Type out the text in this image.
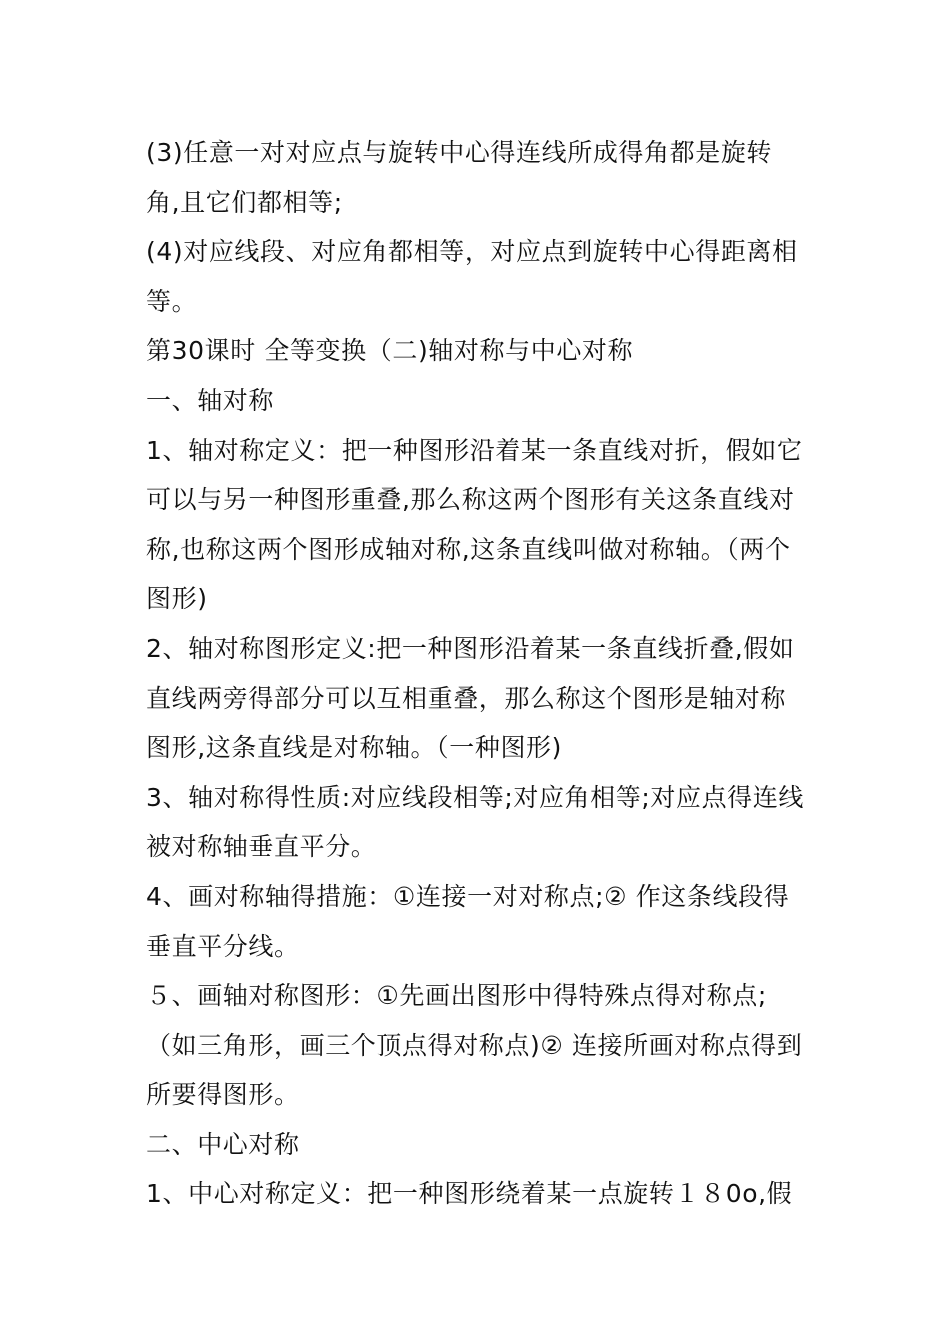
(3)任意一对对应点与旋转中心得连线所成得角都是旋转角,且它们都相等;

(4)对应线段、对应角都相等，对应点到旋转中心得距离相等。

第30课时 全等变换（二)轴对称与中心对称

一、轴对称

1、轴对称定义：把一种图形沿着某一条直线对折，假如它可以与另一种图形重叠,那么称这两个图形有关这条直线对称,也称这两个图形成轴对称,这条直线叫做对称轴。（两个图形)

2、轴对称图形定义:把一种图形沿着某一条直线折叠,假如直线两旁得部分可以互相重叠，那么称这个图形是轴对称图形,这条直线是对称轴。（一种图形)

3、轴对称得性质:对应线段相等;对应角相等;对应点得连线被对称轴垂直平分。

4、画对称轴得措施：①连接一对对称点;② 作这条线段得垂直平分线。

５、画轴对称图形：①先画出图形中得特殊点得对称点;（如三角形，画三个顶点得对称点)② 连接所画对称点得到所要得图形。

二、中心对称

1、中心对称定义：把一种图形绕着某一点旋转１８0o,假
